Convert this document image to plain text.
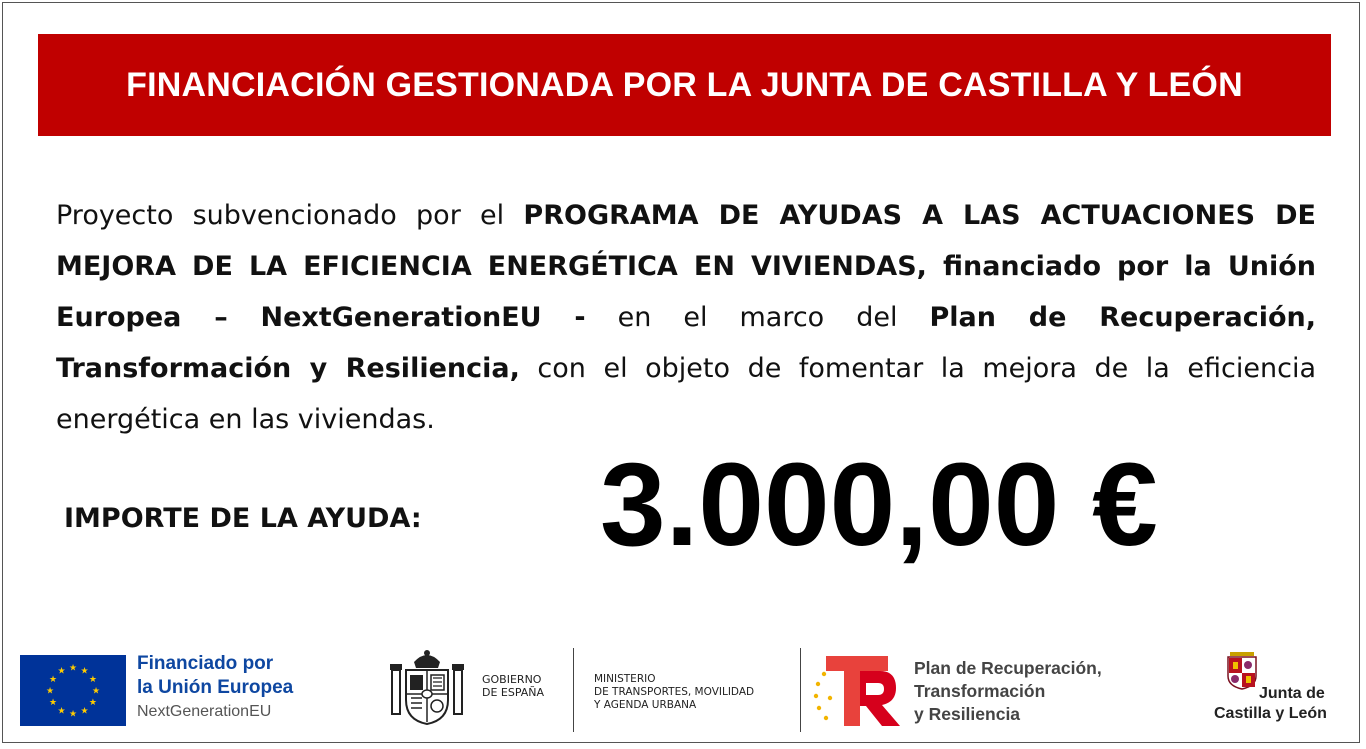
FINANCIACIÓN GESTIONADA POR LA JUNTA DE CASTILLA Y LEÓN
Proyecto subvencionado por el PROGRAMA DE AYUDAS A LAS ACTUACIONES DE MEJORA DE LA EFICIENCIA ENERGÉTICA EN VIVIENDAS, financiado por la Unión Europea – NextGenerationEU - en el marco del Plan de Recuperación, Transformación y Resiliencia, con el objeto de fomentar la mejora de la eficiencia energética en las viviendas.
IMPORTE DE LA AYUDA: 3.000,00 €
★ ★
★
★
★
★
★
★
★
★
★
★	Financiado por
la Unión Europea
NextGenerationEU
GOBIERNO
DE ESPAÑA
MINISTERIO
DE TRANSPORTES, MOVILIDAD
Y AGENDA URBANA
Plan de Recuperación,
Transformación
y Resiliencia
Junta de
Castilla y León
